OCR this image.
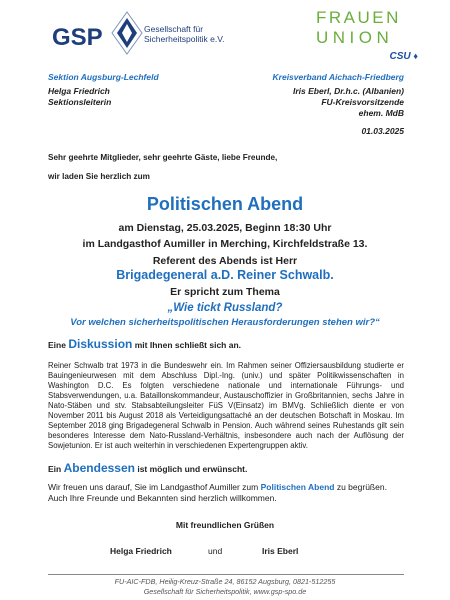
GSP	Gesellschaft für
Sicherheitspolitik e.V.
FRAUEN
UNION
CSU ♦
Sektion Augsburg-Lechfeld
Helga Friedrich
Sektionsleiterin
Kreisverband Aichach-Friedberg
Iris Eberl, Dr.h.c. (Albanien)
FU-Kreisvorsitzende
ehem. MdB
01.03.2025
Sehr geehrte Mitglieder, sehr geehrte Gäste, liebe Freunde,
wir laden Sie herzlich zum
Politischen Abend
am Dienstag, 25.03.2025, Beginn 18:30 Uhr
im Landgasthof Aumiller in Merching, Kirchfeldstraße 13.
Referent des Abends ist Herr
Brigadegeneral a.D. Reiner Schwalb.
Er spricht zum Thema
„Wie tickt Russland?
Vor welchen sicherheitspolitischen Herausforderungen stehen wir?“
Eine Diskussion mit Ihnen schließt sich an.
Reiner Schwalb trat 1973 in die Bundeswehr ein. Im Rahmen seiner Offiziersausbildung studierte er Bauingenieurwesen mit dem Abschluss Dipl.-Ing. (univ.) und später Politikwissenschaften in Washington D.C. Es folgten verschiedene nationale und internationale Führungs- und Stabsverwendungen, u.a. Bataillonskommandeur, Austauschoffizier in Großbritannien, sechs Jahre in Nato-Stäben und stv. Stabsabteilungsleiter FüS V(Einsatz) im BMVg. Schließlich diente er von November 2011 bis August 2018 als Verteidigungsattaché an der deutschen Botschaft in Moskau. Im September 2018 ging Brigadegeneral Schwalb in Pension. Auch während seines Ruhestands gilt sein besonderes Interesse dem Nato-Russland-Verhältnis, insbesondere auch nach der Auflösung der Sowjetunion. Er ist auch weiterhin in verschiedenen Expertengruppen aktiv.
Ein Abendessen ist möglich und erwünscht.
Wir freuen uns darauf, Sie im Landgasthof Aumiller zum Politischen Abend zu begrüßen. Auch Ihre Freunde und Bekannten sind herzlich willkommen.
Mit freundlichen Grüßen
Helga Friedrich	und	Iris Eberl
FU-AIC-FDB, Heilig-Kreuz-Straße 24, 86152 Augsburg, 0821-512255
Gesellschaft für Sicherheitspolitik, www.gsp-spo.de
